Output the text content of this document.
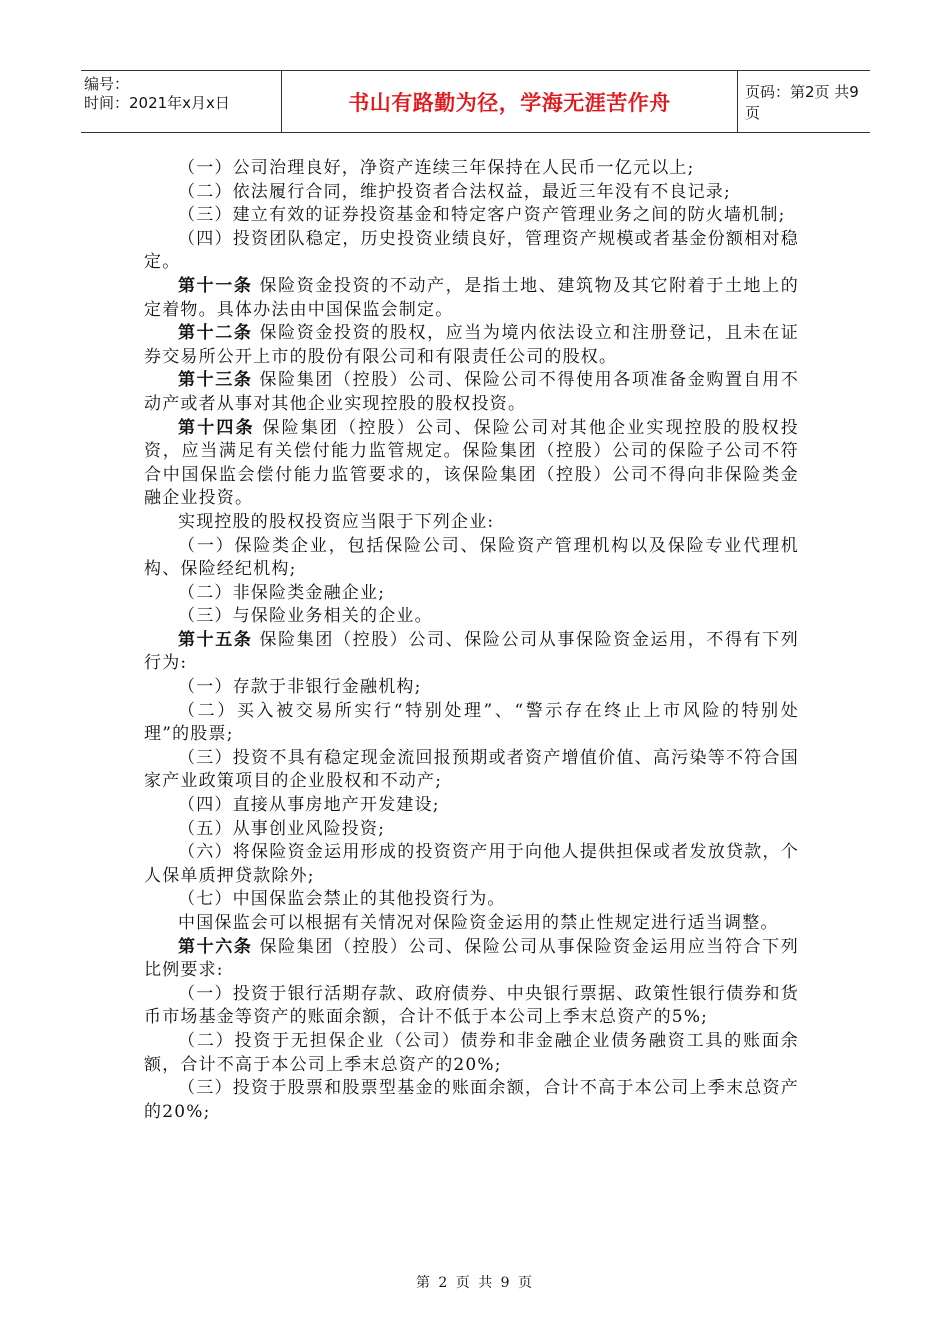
编号：
时间：2021年x月x日	书山有路勤为径，学海无涯苦作舟	页码：第2页 共9页

（一）公司治理良好，净资产连续三年保持在人民币一亿元以上;

（二）依法履行合同，维护投资者合法权益，最近三年没有不良记录;

（三）建立有效的证券投资基金和特定客户资产管理业务之间的防火墙机制;

（四）投资团队稳定，历史投资业绩良好，管理资产规模或者基金份额相对稳定。

第十一条 保险资金投资的不动产，是指土地、建筑物及其它附着于土地上的定着物。具体办法由中国保监会制定。

第十二条 保险资金投资的股权，应当为境内依法设立和注册登记，且未在证券交易所公开上市的股份有限公司和有限责任公司的股权。

第十三条 保险集团（控股）公司、保险公司不得使用各项准备金购置自用不动产或者从事对其他企业实现控股的股权投资。

第十四条 保险集团（控股）公司、保险公司对其他企业实现控股的股权投资，应当满足有关偿付能力监管规定。保险集团（控股）公司的保险子公司不符合中国保监会偿付能力监管要求的，该保险集团（控股）公司不得向非保险类金融企业投资。

实现控股的股权投资应当限于下列企业:

（一）保险类企业，包括保险公司、保险资产管理机构以及保险专业代理机构、保险经纪机构;

（二）非保险类金融企业;

（三）与保险业务相关的企业。

第十五条 保险集团（控股）公司、保险公司从事保险资金运用，不得有下列行为:

（一）存款于非银行金融机构;

（二）买入被交易所实行“特别处理”、“警示存在终止上市风险的特别处理”的股票;

（三）投资不具有稳定现金流回报预期或者资产增值价值、高污染等不符合国家产业政策项目的企业股权和不动产;

（四）直接从事房地产开发建设;

（五）从事创业风险投资;

（六）将保险资金运用形成的投资资产用于向他人提供担保或者发放贷款，个人保单质押贷款除外;

（七）中国保监会禁止的其他投资行为。

中国保监会可以根据有关情况对保险资金运用的禁止性规定进行适当调整。

第十六条 保险集团（控股）公司、保险公司从事保险资金运用应当符合下列比例要求:

（一）投资于银行活期存款、政府债券、中央银行票据、政策性银行债券和货币市场基金等资产的账面余额，合计不低于本公司上季末总资产的5%;

（二）投资于无担保企业（公司）债券和非金融企业债务融资工具的账面余额，合计不高于本公司上季末总资产的20%;

（三）投资于股票和股票型基金的账面余额，合计不高于本公司上季末总资产的20%;

第 2 页 共 9 页
